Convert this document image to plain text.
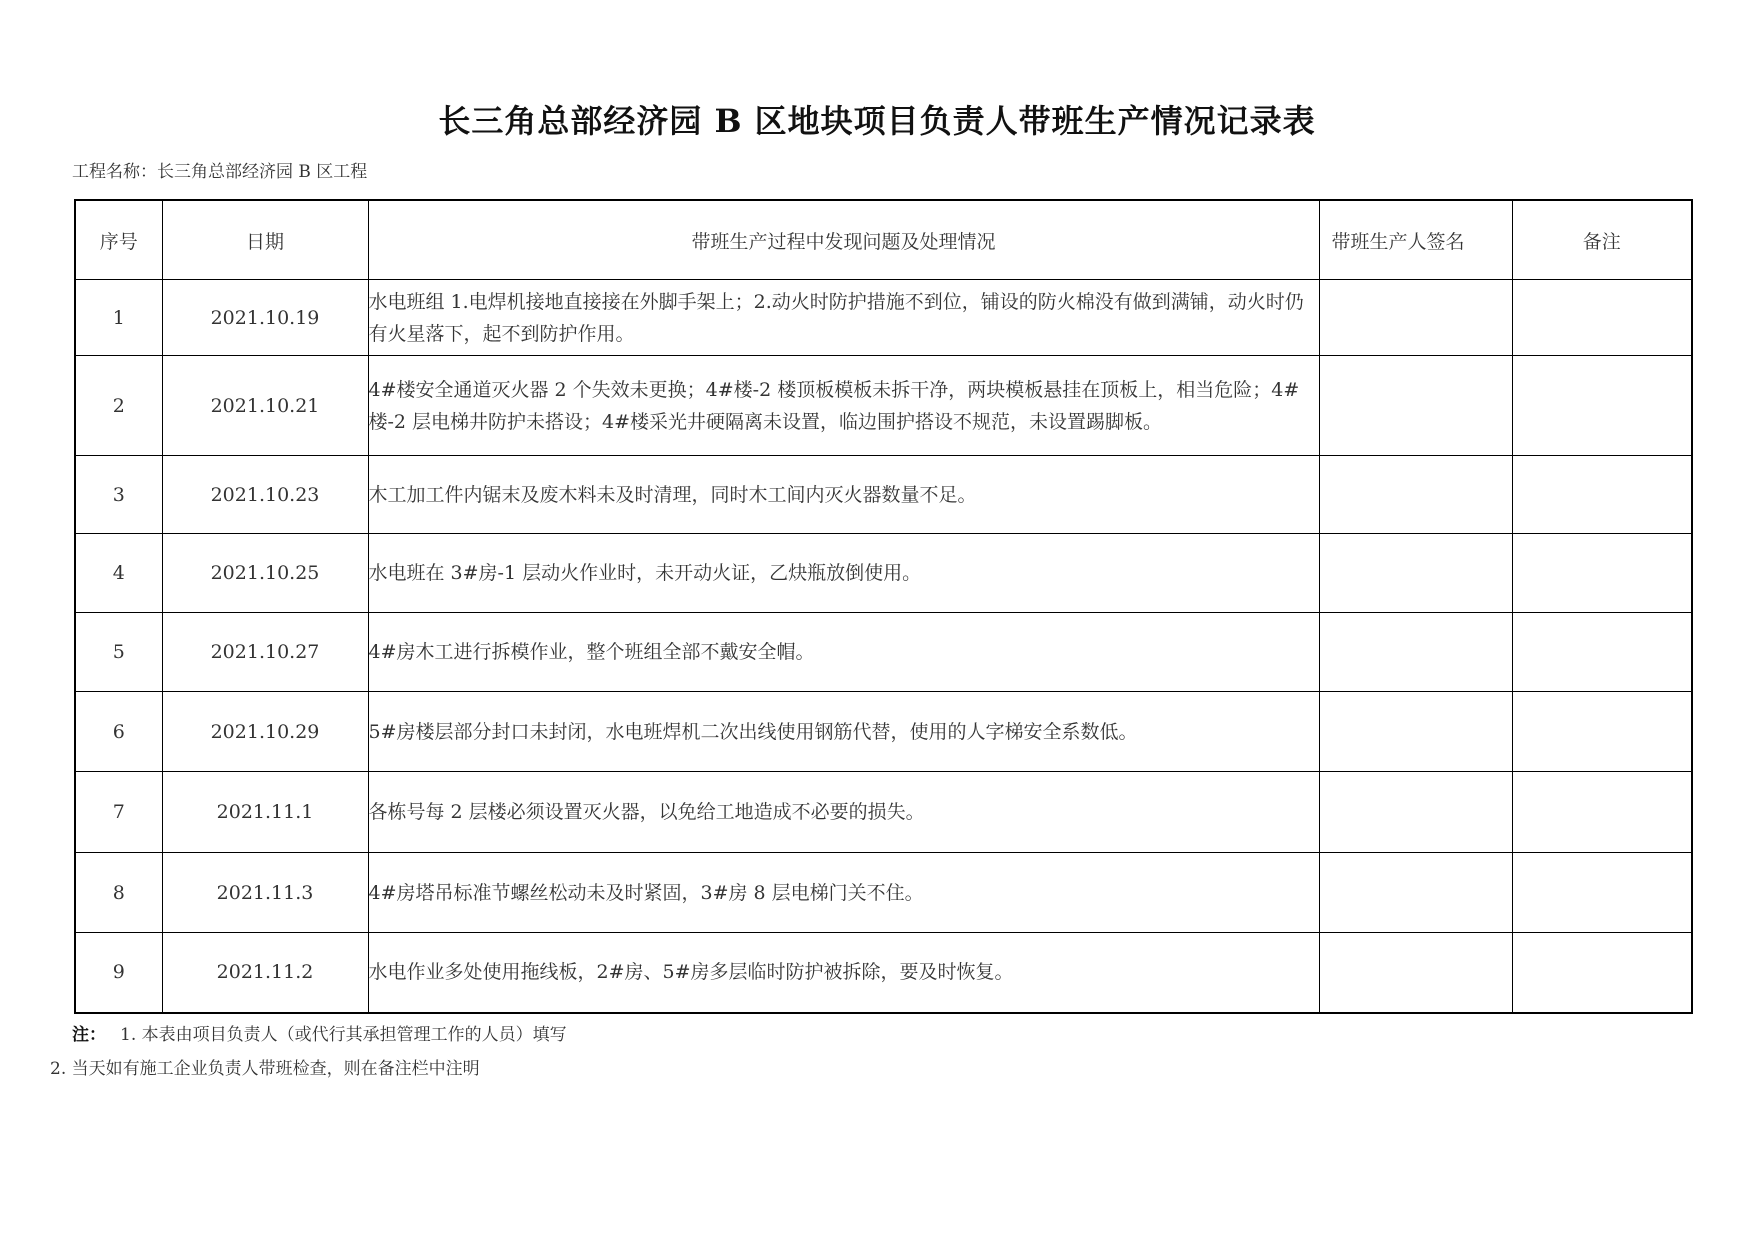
长三角总部经济园 B 区地块项目负责人带班生产情况记录表
工程名称：长三角总部经济园 B 区工程
序号	日期	带班生产过程中发现问题及处理情况	带班生产人签名	备注
1	2021.10.19	水电班组 1.电焊机接地直接接在外脚手架上；2.动火时防护措施不到位，铺设的防火棉没有做到满铺，动火时仍有火星落下，起不到防护作用。		
2	2021.10.21	4#楼安全通道灭火器 2 个失效未更换；4#楼-2 楼顶板模板未拆干净，两块模板悬挂在顶板上，相当危险；4#楼-2 层电梯井防护未搭设；4#楼采光井硬隔离未设置，临边围护搭设不规范，未设置踢脚板。		
3	2021.10.23	木工加工件内锯末及废木料未及时清理，同时木工间内灭火器数量不足。		
4	2021.10.25	水电班在 3#房-1 层动火作业时，未开动火证，乙炔瓶放倒使用。		
5	2021.10.27	4#房木工进行拆模作业，整个班组全部不戴安全帽。		
6	2021.10.29	5#房楼层部分封口未封闭，水电班焊机二次出线使用钢筋代替，使用的人字梯安全系数低。		
7	2021.11.1	各栋号每 2 层楼必须设置灭火器，以免给工地造成不必要的损失。		
8	2021.11.3	4#房塔吊标准节螺丝松动未及时紧固，3#房 8 层电梯门关不住。		
9	2021.11.2	水电作业多处使用拖线板，2#房、5#房多层临时防护被拆除，要及时恢复。		
注： 1. 本表由项目负责人（或代行其承担管理工作的人员）填写
2. 当天如有施工企业负责人带班检查，则在备注栏中注明
